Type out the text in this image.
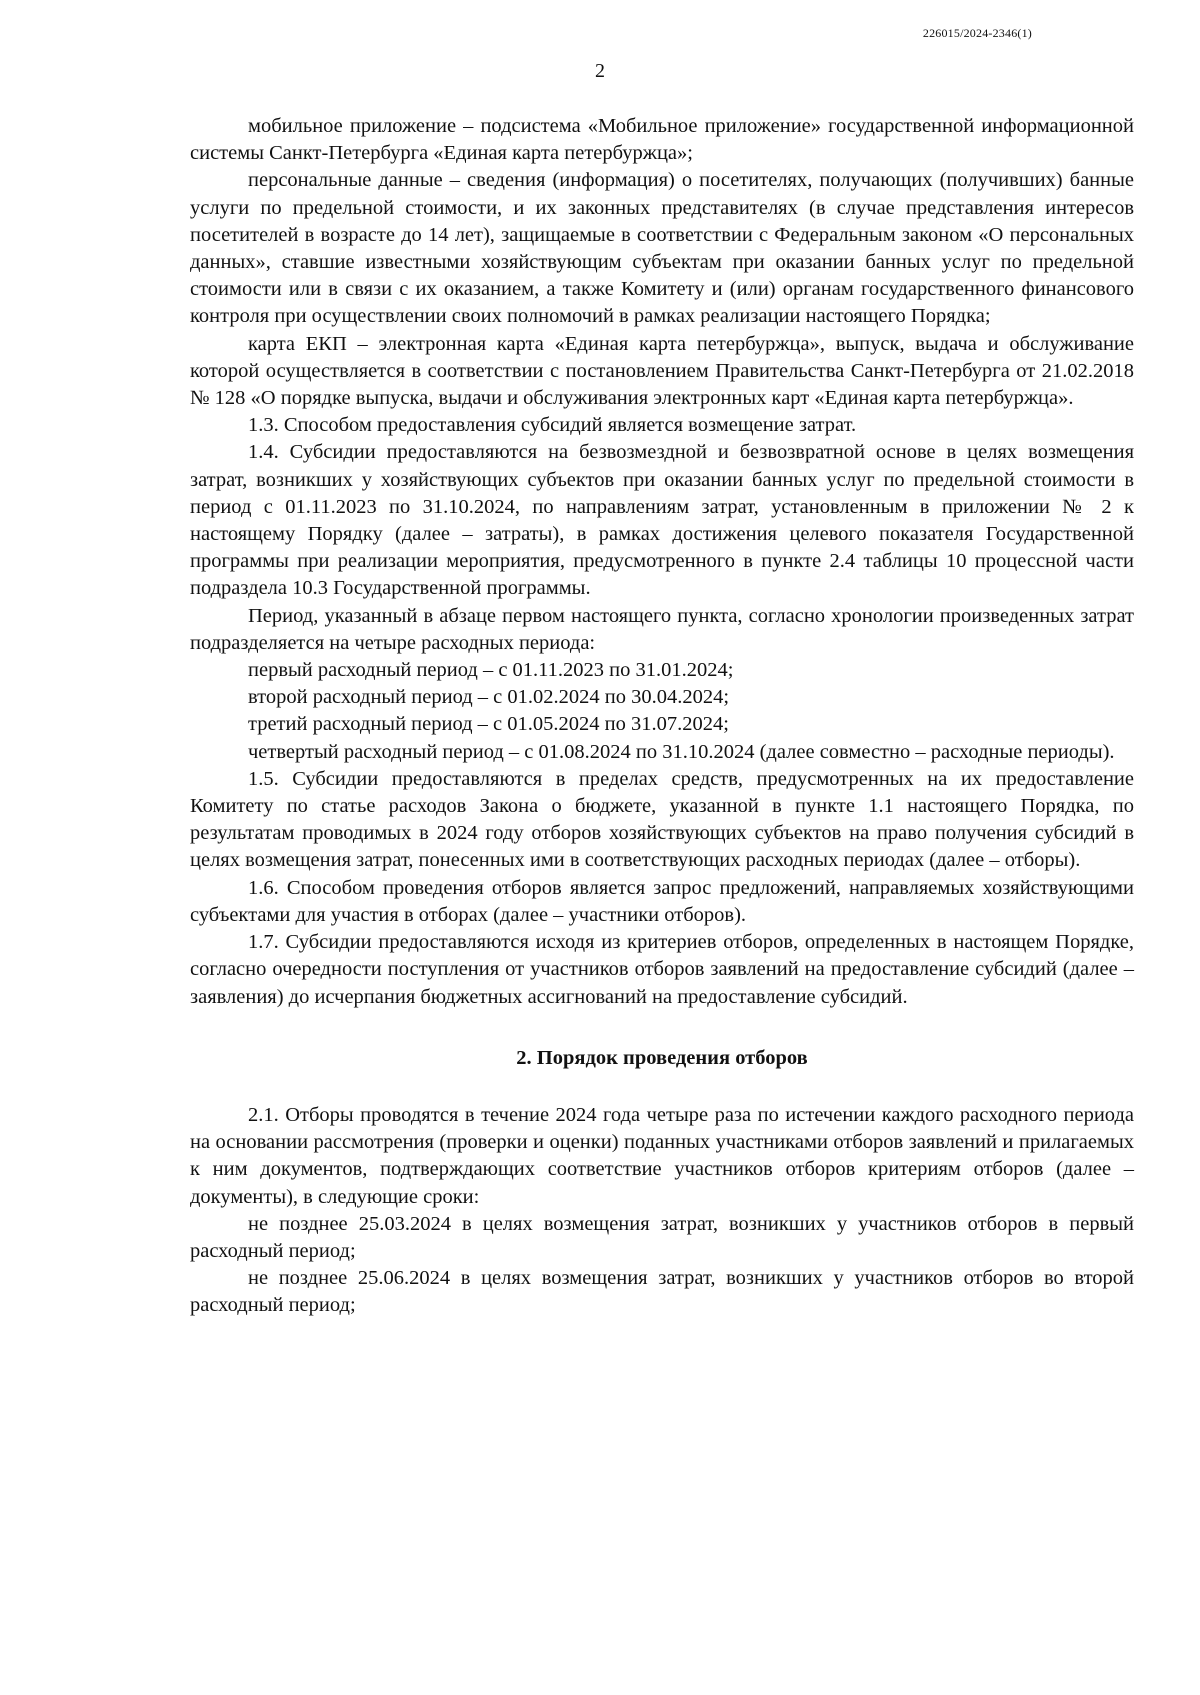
226015/2024-2346(1)
2

мобильное приложение – подсистема «Мобильное приложение» государственной информационной системы Санкт-Петербурга «Единая карта петербуржца»;

персональные данные – сведения (информация) о посетителях, получающих (получивших) банные услуги по предельной стоимости, и их законных представителях (в случае представления интересов посетителей в возрасте до 14 лет), защищаемые в соответствии с Федеральным законом «О персональных данных», ставшие известными хозяйствующим субъектам при оказании банных услуг по предельной стоимости или в связи с их оказанием, а также Комитету и (или) органам государственного финансового контроля при осуществлении своих полномочий в рамках реализации настоящего Порядка;

карта ЕКП – электронная карта «Единая карта петербуржца», выпуск, выдача и обслуживание которой осуществляется в соответствии с постановлением Правительства Санкт-Петербурга от 21.02.2018 № 128 «О порядке выпуска, выдачи и обслуживания электронных карт «Единая карта петербуржца».

1.3. Способом предоставления субсидий является возмещение затрат.

1.4. Субсидии предоставляются на безвозмездной и безвозвратной основе в целях возмещения затрат, возникших у хозяйствующих субъектов при оказании банных услуг по предельной стоимости в период с 01.11.2023 по 31.10.2024, по направлениям затрат, установленным в приложении № 2 к настоящему Порядку (далее – затраты), в рамках достижения целевого показателя Государственной программы при реализации мероприятия, предусмотренного в пункте 2.4 таблицы 10 процессной части подраздела 10.3 Государственной программы.

Период, указанный в абзаце первом настоящего пункта, согласно хронологии произведенных затрат подразделяется на четыре расходных периода:

первый расходный период – с 01.11.2023 по 31.01.2024;

второй расходный период – с 01.02.2024 по 30.04.2024;

третий расходный период – с 01.05.2024 по 31.07.2024;

четвертый расходный период – с 01.08.2024 по 31.10.2024 (далее совместно – расходные периоды).

1.5. Субсидии предоставляются в пределах средств, предусмотренных на их предоставление Комитету по статье расходов Закона о бюджете, указанной в пункте 1.1 настоящего Порядка, по результатам проводимых в 2024 году отборов хозяйствующих субъектов на право получения субсидий в целях возмещения затрат, понесенных ими в соответствующих расходных периодах (далее – отборы).

1.6. Способом проведения отборов является запрос предложений, направляемых хозяйствующими субъектами для участия в отборах (далее – участники отборов).

1.7. Субсидии предоставляются исходя из критериев отборов, определенных в настоящем Порядке, согласно очередности поступления от участников отборов заявлений на предоставление субсидий (далее – заявления) до исчерпания бюджетных ассигнований на предоставление субсидий.

2. Порядок проведения отборов

2.1. Отборы проводятся в течение 2024 года четыре раза по истечении каждого расходного периода на основании рассмотрения (проверки и оценки) поданных участниками отборов заявлений и прилагаемых к ним документов, подтверждающих соответствие участников отборов критериям отборов (далее – документы), в следующие сроки:

не позднее 25.03.2024 в целях возмещения затрат, возникших у участников отборов в первый расходный период;

не позднее 25.06.2024 в целях возмещения затрат, возникших у участников отборов во второй расходный период;
